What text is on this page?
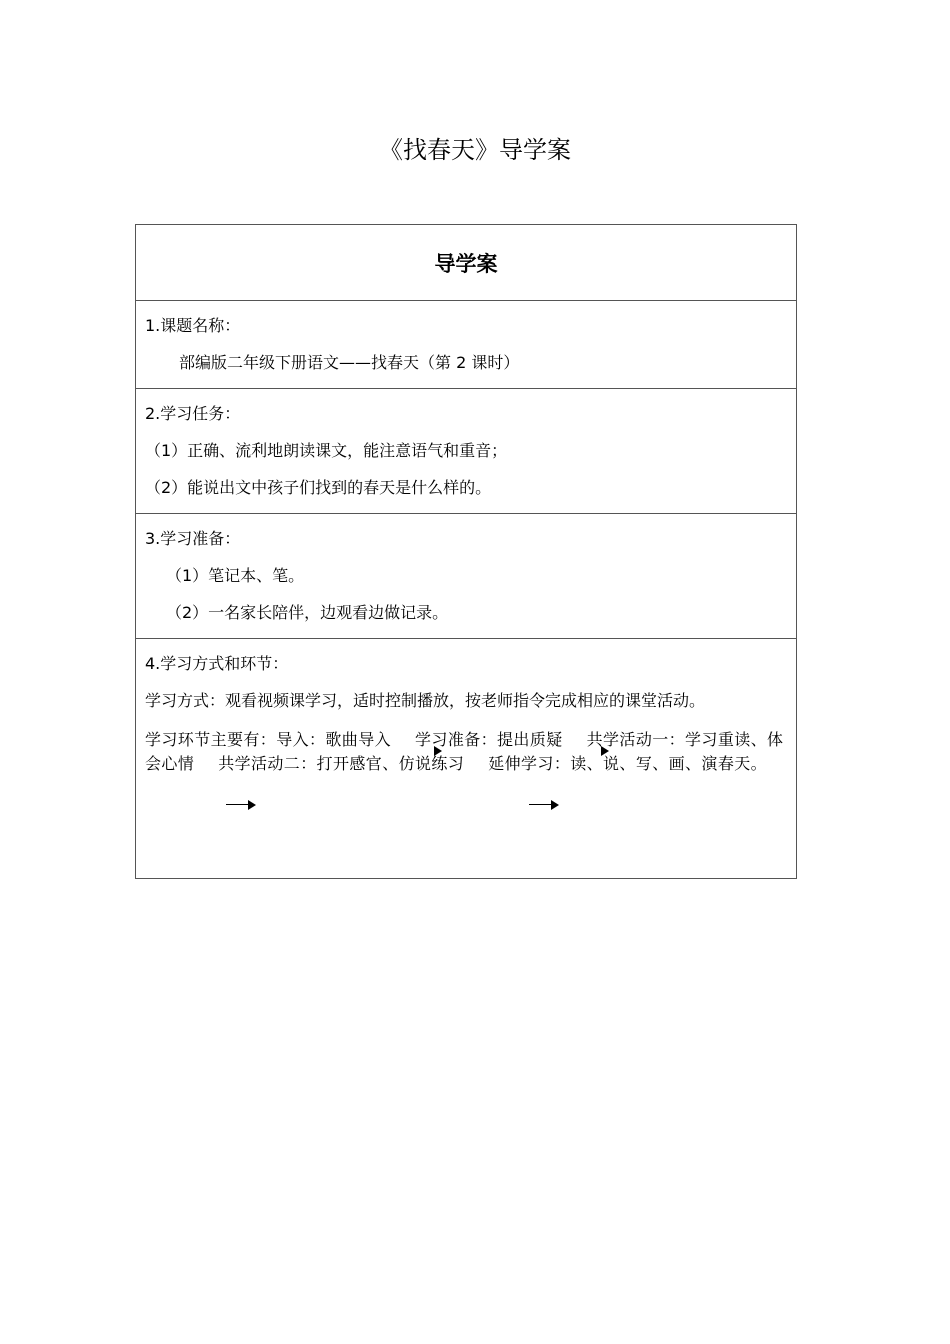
《找春天》导学案
导学案
1.课题名称：
部编版二年级下册语文——找春天（第 2 课时）
2.学习任务：
（1）正确、流利地朗读课文，能注意语气和重音；
（2）能说出文中孩子们找到的春天是什么样的。
3.学习准备：
（1）笔记本、笔。
（2）一名家长陪伴，边观看边做记录。
4.学习方式和环节：
学习方式：观看视频课学习，适时控制播放，按老师指令完成相应的课堂活动。
学习环节主要有：导入：歌曲导入 学习准备：提出质疑 共学活动一：学习重读、体会心情 共学活动二：打开感官、仿说练习 延伸学习：读、说、写、画、演春天。
